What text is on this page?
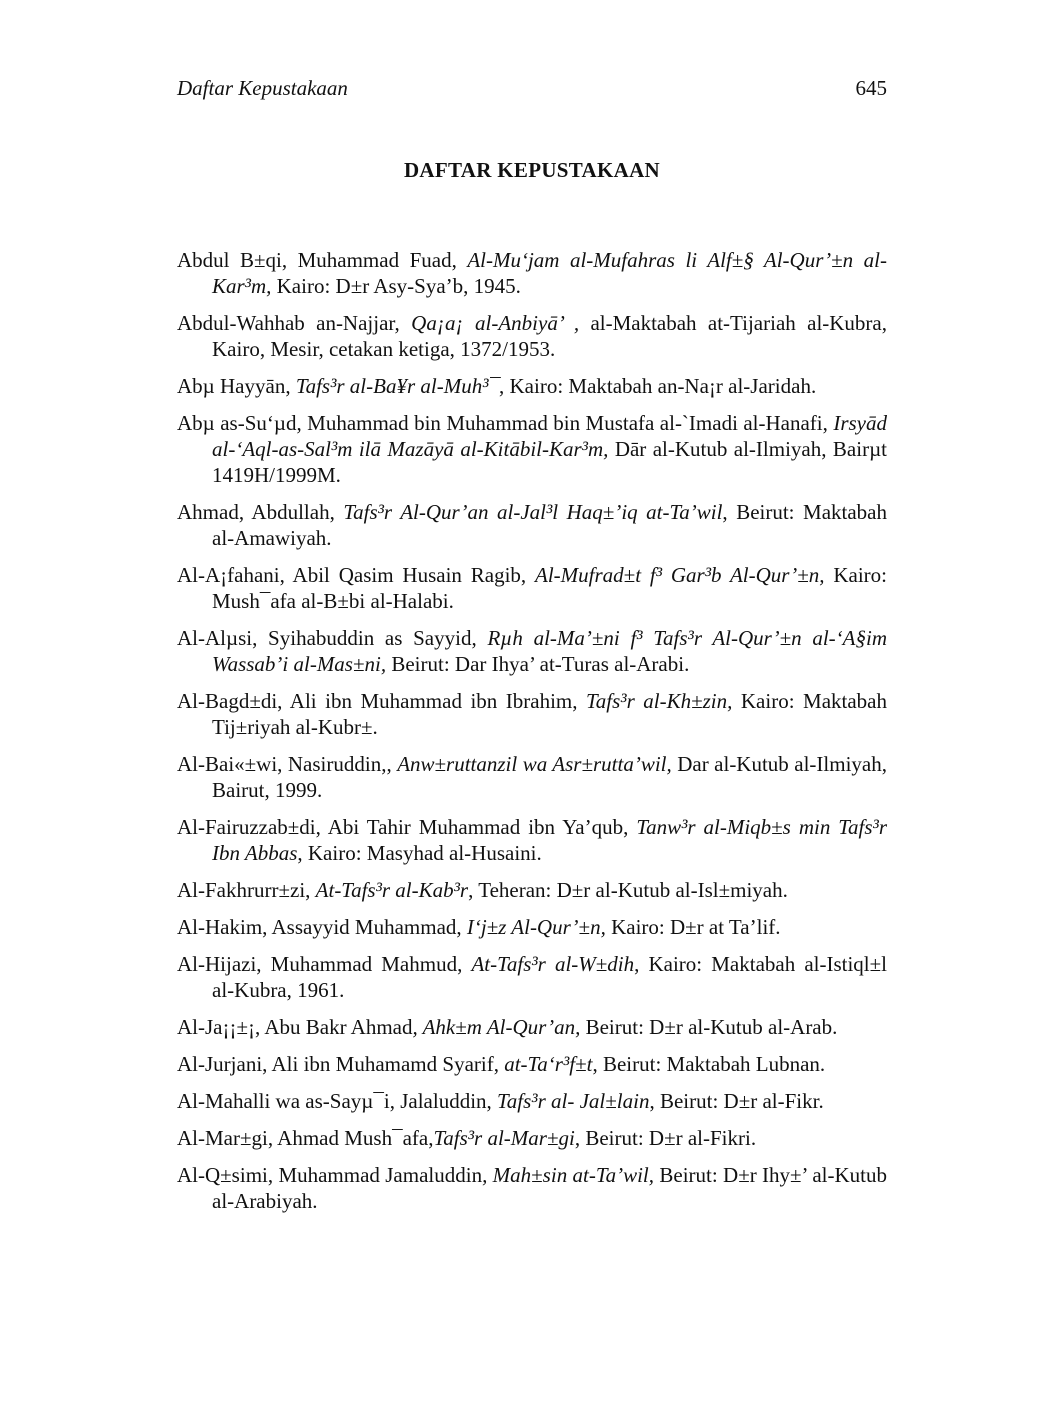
Daftar Kepustakaan	645
DAFTAR KEPUSTAKAAN
Abdul B±qi, Muhammad Fuad, Al-Mu‘jam al-Mufahras li Alf±§ Al-Qur’±n al-Kar³m, Kairo: D±r Asy-Sya’b, 1945.
Abdul-Wahhab an-Najjar, Qa¡a¡ al-Anbiyā’ , al-Maktabah at-Tijariah al-Kubra, Kairo, Mesir, cetakan ketiga, 1372/1953.
Abµ Hayyān, Tafs³r al-Ba¥r al-Muh³¯, Kairo: Maktabah an-Na¡r al-Jaridah.
Abµ as-Su‘µd, Muhammad bin Muhammad bin Mustafa al-`Imadi al-Hanafi, Irsyād al-‘Aql-as-Sal³m ilā Mazāyā al-Kitābil-Kar³m, Dār al-Kutub al-Ilmiyah, Bairµt 1419H/1999M.
Ahmad, Abdullah, Tafs³r Al-Qur’an al-Jal³l Haq±’iq at-Ta’wil, Beirut: Maktabah al-Amawiyah.
Al-A¡fahani, Abil Qasim Husain Ragib, Al-Mufrad±t f³ Gar³b Al-Qur’±n, Kairo: Mush¯afa al-B±bi al-Halabi.
Al-Alµsi, Syihabuddin as Sayyid, Rµh al-Ma’±ni f³ Tafs³r Al-Qur’±n al-‘A§im Wassab’i al-Mas±ni, Beirut: Dar Ihya’ at-Turas al-Arabi.
Al-Bagd±di, Ali ibn Muhammad ibn Ibrahim, Tafs³r al-Kh±zin, Kairo: Maktabah Tij±riyah al-Kubr±.
Al-Bai«±wi, Nasiruddin,, Anw±ruttanzil wa Asr±rutta’wil, Dar al-Kutub al-Ilmiyah, Bairut, 1999.
Al-Fairuzzab±di, Abi Tahir Muhammad ibn Ya’qub, Tanw³r al-Miqb±s min Tafs³r Ibn Abbas, Kairo: Masyhad al-Husaini.
Al-Fakhrurr±zi, At-Tafs³r al-Kab³r, Teheran: D±r al-Kutub al-Isl±miyah.
Al-Hakim, Assayyid Muhammad, I‘j±z Al-Qur’±n, Kairo: D±r at Ta’lif.
Al-Hijazi, Muhammad Mahmud, At-Tafs³r al-W±dih, Kairo: Maktabah al-Istiql±l al-Kubra, 1961.
Al-Ja¡¡±¡, Abu Bakr Ahmad, Ahk±m Al-Qur’an, Beirut: D±r al-Kutub al-Arab.
Al-Jurjani, Ali ibn Muhamamd Syarif, at-Ta‘r³f±t, Beirut: Maktabah Lubnan.
Al-Mahalli wa as-Sayµ¯i, Jalaluddin, Tafs³r al- Jal±lain, Beirut: D±r al-Fikr.
Al-Mar±gi, Ahmad Mush¯afa,Tafs³r al-Mar±gi, Beirut: D±r al-Fikri.
Al-Q±simi, Muhammad Jamaluddin, Mah±sin at-Ta’wil, Beirut: D±r Ihy±’ al-Kutub al-Arabiyah.
